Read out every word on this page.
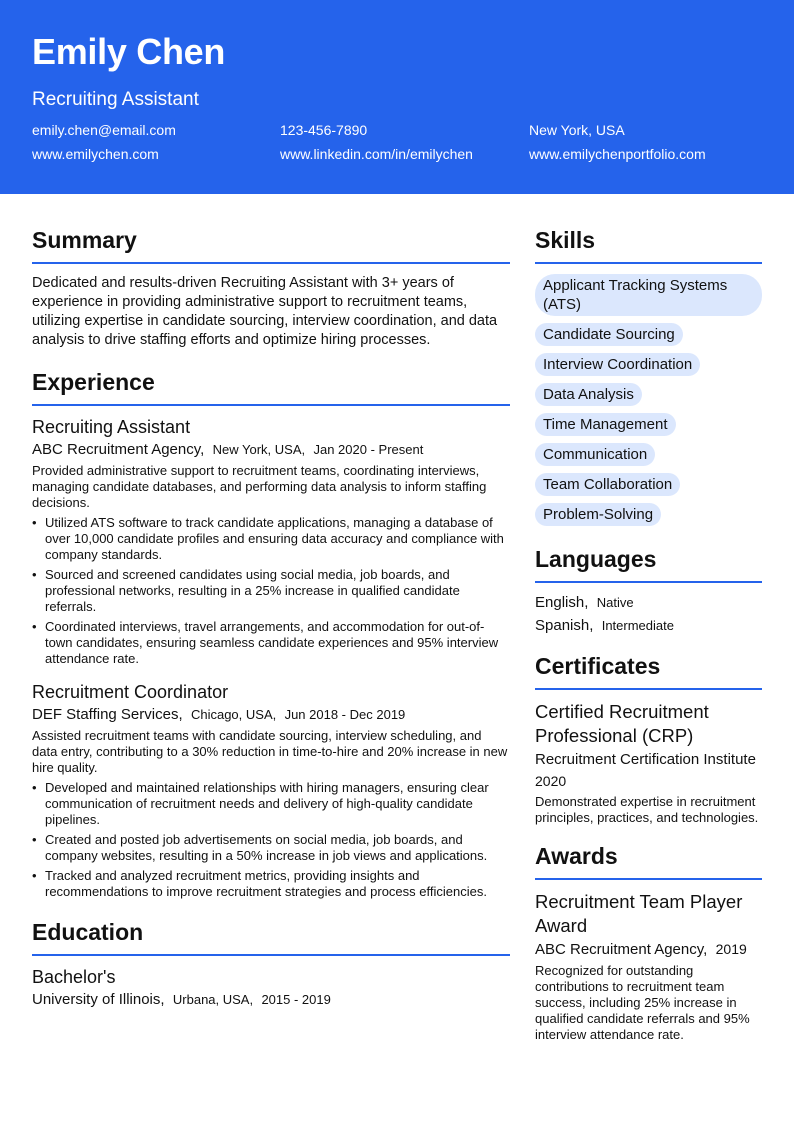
Emily Chen
Recruiting Assistant
emily.chen@email.com	123-456-7890	New York, USA
www.emilychen.com	www.linkedin.com/in/emilychen	www.emilychenportfolio.com
Summary
Dedicated and results-driven Recruiting Assistant with 3+ years of experience in providing administrative support to recruitment teams, utilizing expertise in candidate sourcing, interview coordination, and data analysis to drive staffing efforts and optimize hiring processes.
Experience
Recruiting Assistant
ABC Recruitment Agency, New York, USA, Jan 2020 - Present
Provided administrative support to recruitment teams, coordinating interviews, managing candidate databases, and performing data analysis to inform staffing decisions.
• Utilized ATS software to track candidate applications, managing a database of over 10,000 candidate profiles and ensuring data accuracy and compliance with company standards.
• Sourced and screened candidates using social media, job boards, and professional networks, resulting in a 25% increase in qualified candidate referrals.
• Coordinated interviews, travel arrangements, and accommodation for out-of-town candidates, ensuring seamless candidate experiences and 95% interview attendance rate.
Recruitment Coordinator
DEF Staffing Services, Chicago, USA, Jun 2018 - Dec 2019
Assisted recruitment teams with candidate sourcing, interview scheduling, and data entry, contributing to a 30% reduction in time-to-hire and 20% increase in new hire quality.
• Developed and maintained relationships with hiring managers, ensuring clear communication of recruitment needs and delivery of high-quality candidate pipelines.
• Created and posted job advertisements on social media, job boards, and company websites, resulting in a 50% increase in job views and applications.
• Tracked and analyzed recruitment metrics, providing insights and recommendations to improve recruitment strategies and process efficiencies.
Education
Bachelor's
University of Illinois, Urbana, USA, 2015 - 2019
Skills
Applicant Tracking Systems (ATS)
Candidate Sourcing
Interview Coordination
Data Analysis
Time Management
Communication
Team Collaboration
Problem-Solving
Languages
English, Native
Spanish, Intermediate
Certificates
Certified Recruitment Professional (CRP)
Recruitment Certification Institute
2020
Demonstrated expertise in recruitment principles, practices, and technologies.
Awards
Recruitment Team Player Award
ABC Recruitment Agency, 2019
Recognized for outstanding contributions to recruitment team success, including 25% increase in qualified candidate referrals and 95% interview attendance rate.
